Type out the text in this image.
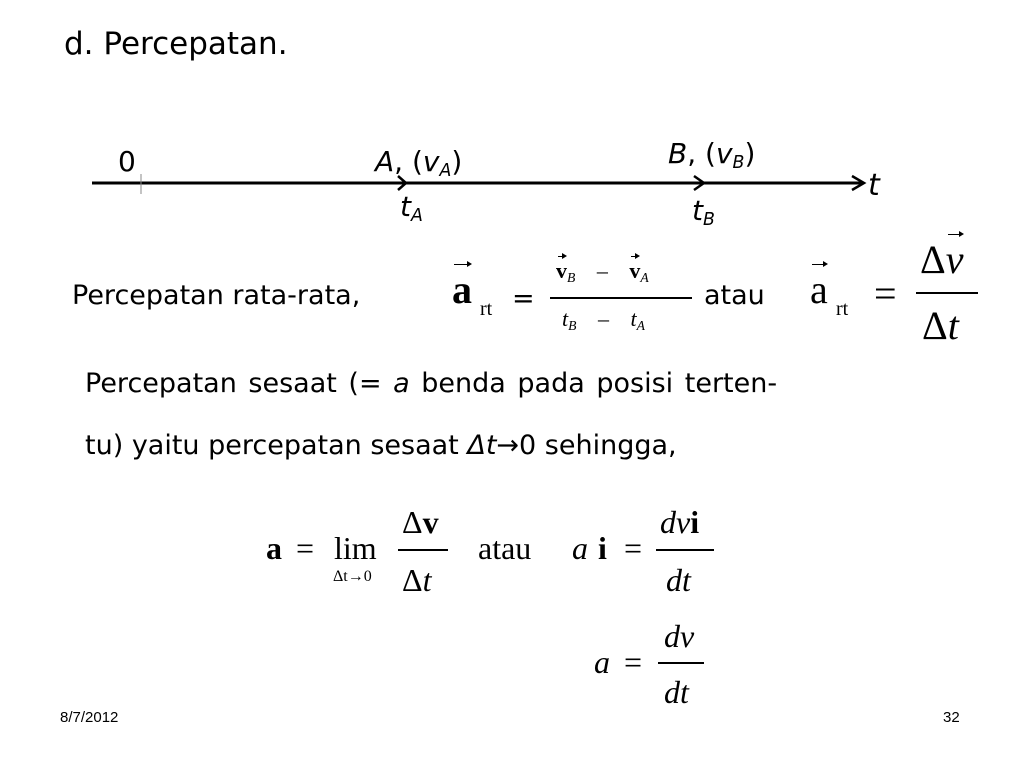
d. Percepatan.
0	A, $(v_A)$
$t_A$
B, $(v_B)$
$t_B$
t
Percepatan rata-rata, a rt =
$v_B - v_A$
$t_B - t_A$
atau a rt =
Δv
Δt
Percepatan sesaat (= a benda pada posisi terten-
tu) yaitu percepatan sesaat Δt→0 sehingga,
a = lim
Δt→0
Δv
Δt
atau a i =
dvi
dt
a =
dv
dt
8/7/2012	32
